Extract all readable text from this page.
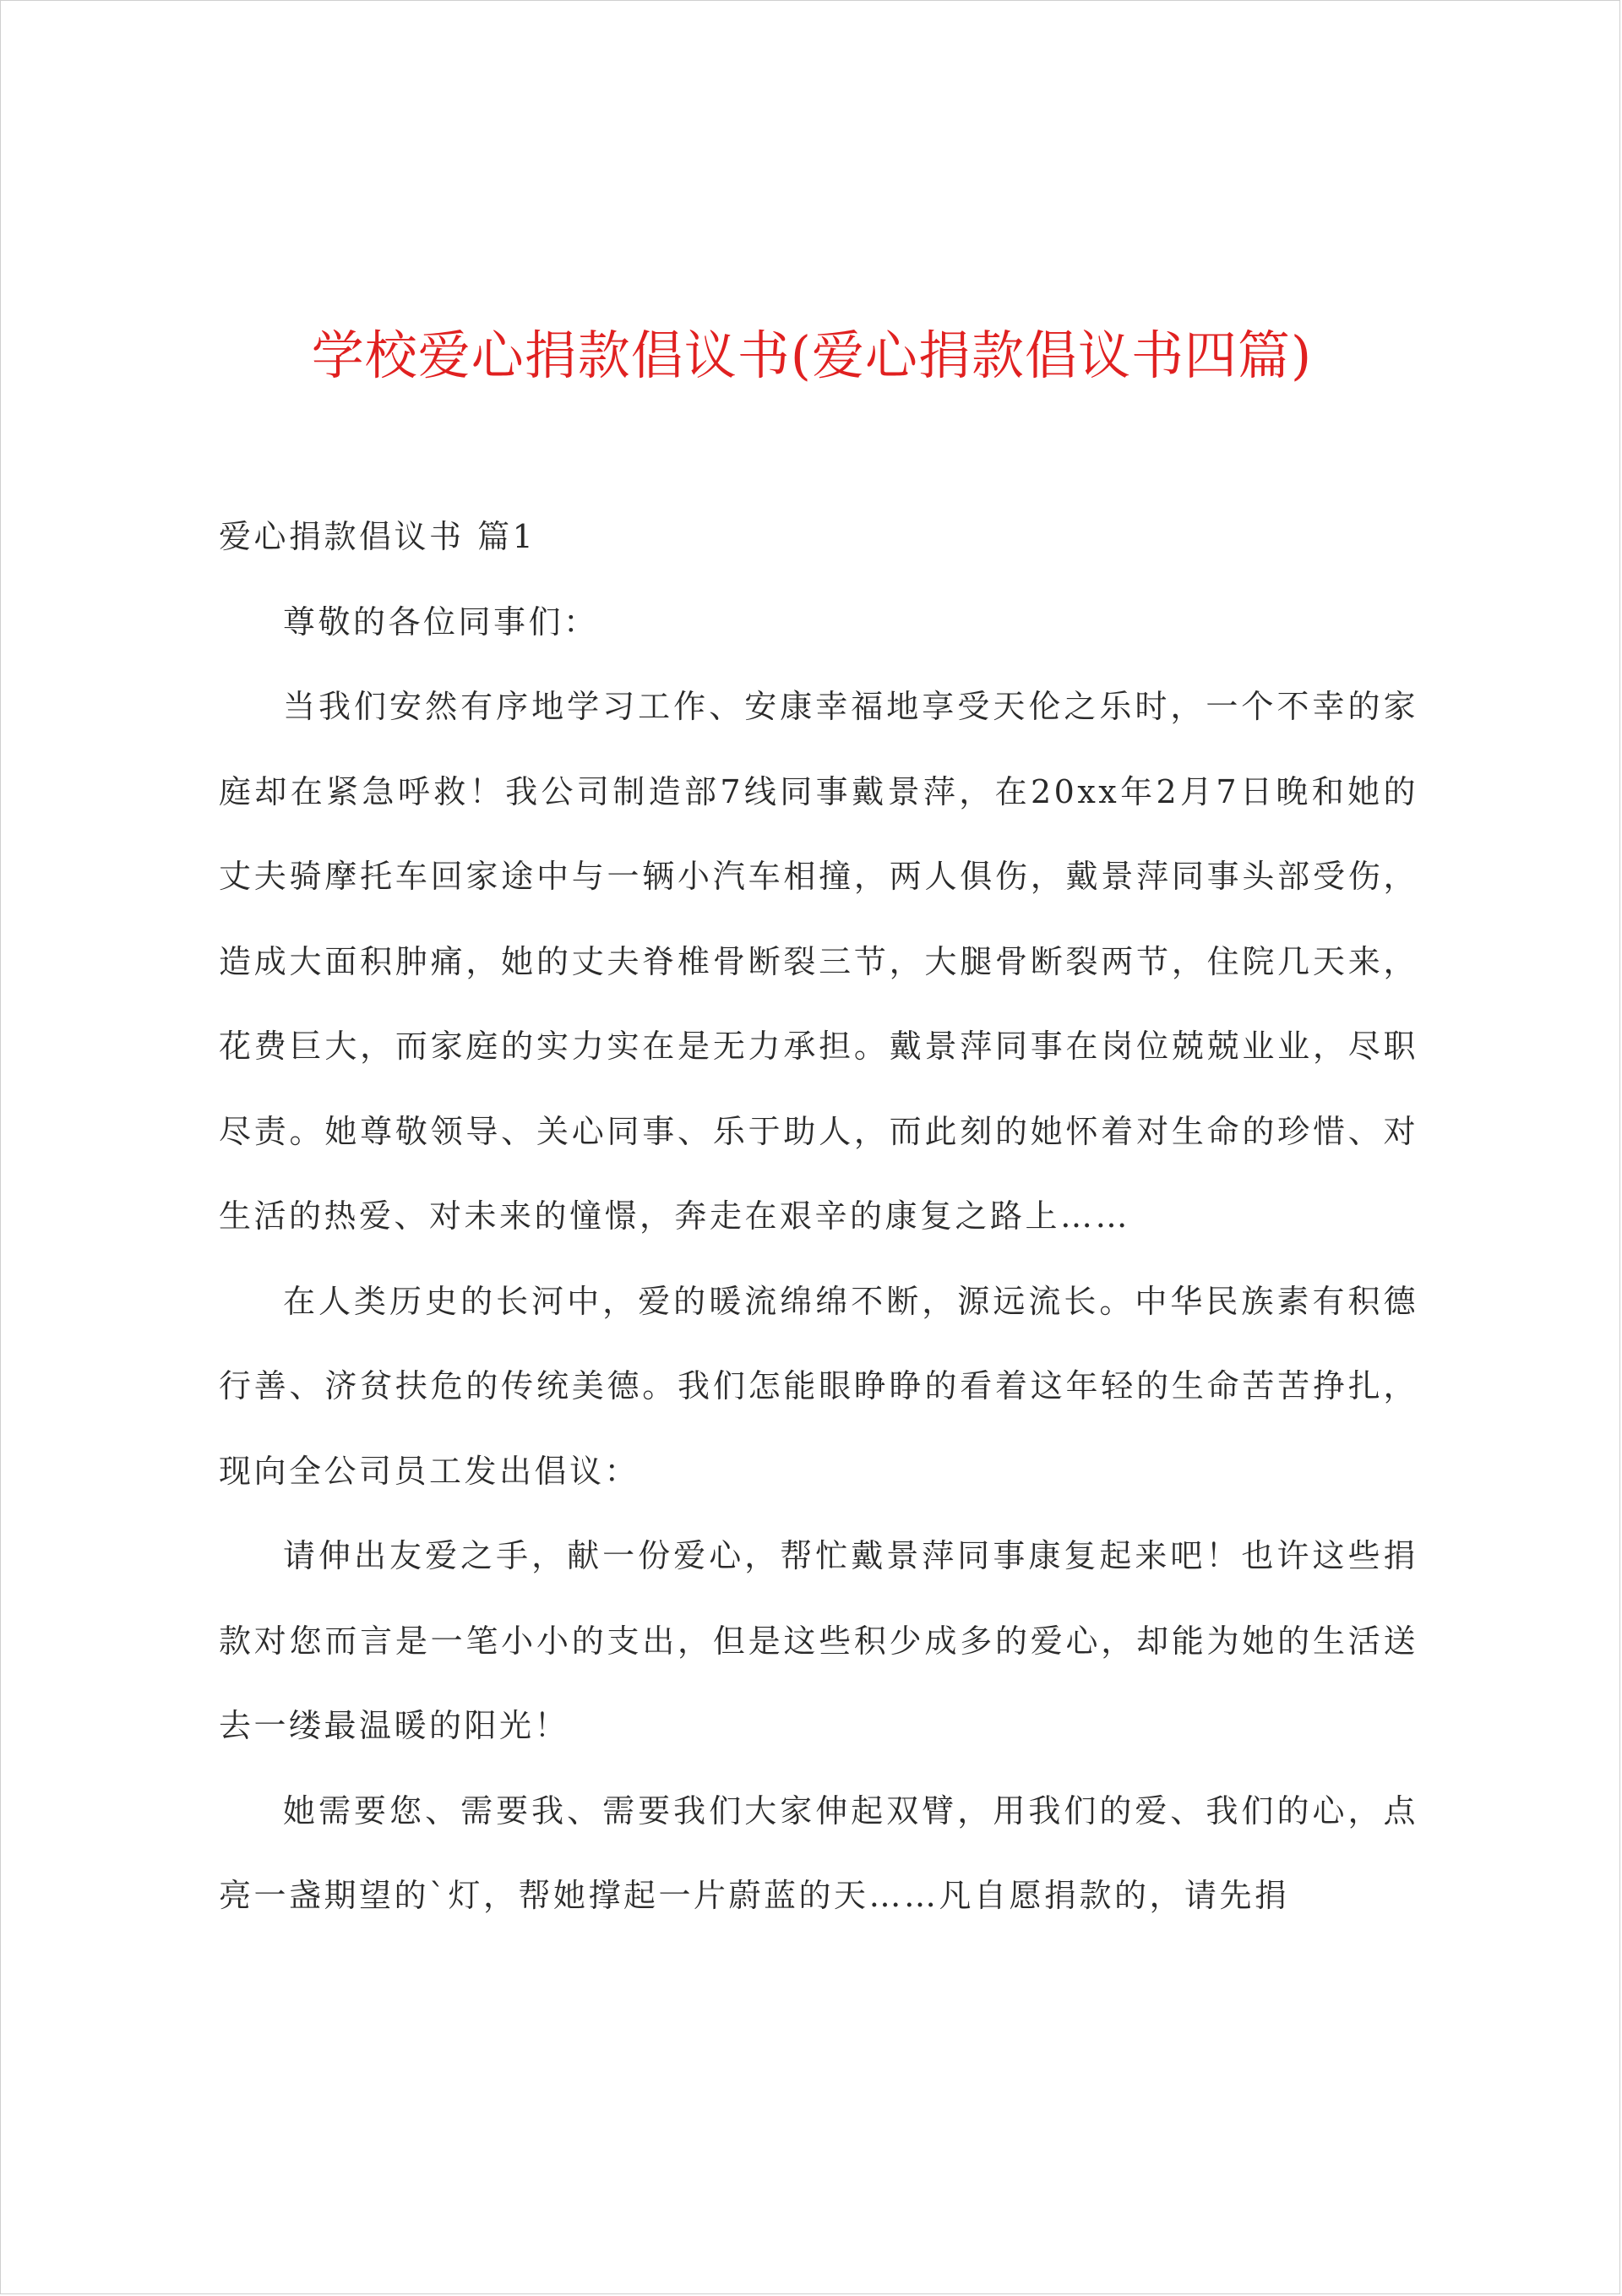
学校爱心捐款倡议书(爱心捐款倡议书四篇)

爱心捐款倡议书 篇1

尊敬的各位同事们：

当我们安然有序地学习工作、安康幸福地享受天伦之乐时，一个不幸的家庭却在紧急呼救！我公司制造部7线同事戴景萍，在20xx年2月7日晚和她的丈夫骑摩托车回家途中与一辆小汽车相撞，两人俱伤，戴景萍同事头部受伤，造成大面积肿痛，她的丈夫脊椎骨断裂三节，大腿骨断裂两节，住院几天来，花费巨大，而家庭的实力实在是无力承担。戴景萍同事在岗位兢兢业业，尽职尽责。她尊敬领导、关心同事、乐于助人，而此刻的她怀着对生命的珍惜、对生活的热爱、对未来的憧憬，奔走在艰辛的康复之路上……

在人类历史的长河中，爱的暖流绵绵不断，源远流长。中华民族素有积德行善、济贫扶危的传统美德。我们怎能眼睁睁的看着这年轻的生命苦苦挣扎，现向全公司员工发出倡议：

请伸出友爱之手，献一份爱心，帮忙戴景萍同事康复起来吧！也许这些捐款对您而言是一笔小小的支出，但是这些积少成多的爱心，却能为她的生活送去一缕最温暖的阳光！

她需要您、需要我、需要我们大家伸起双臂，用我们的爱、我们的心，点亮一盏期望的`灯，帮她撑起一片蔚蓝的天……凡自愿捐款的，请先捐
